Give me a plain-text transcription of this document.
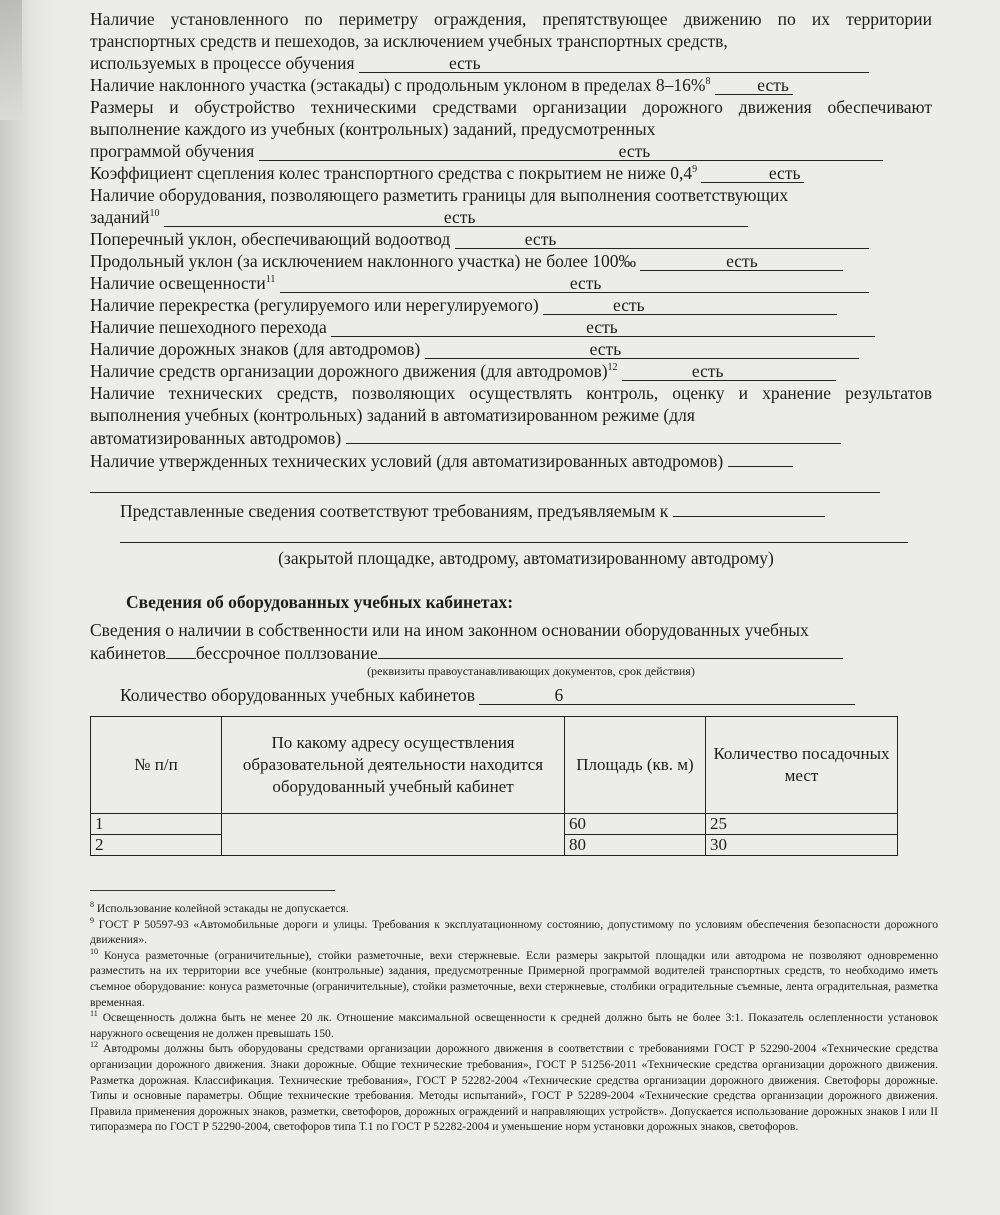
Наличие установленного по периметру ограждения, препятствующее движению по их территории транспортных средств и пешеходов, за исключением учебных транспортных средств,
используемых в процессе обучения	есть
Наличие наклонного участка (эстакады) с продольным уклоном в пределах 8–16%$^8$	есть
Размеры и обустройство техническими средствами организации дорожного движения обеспечивают выполнение каждого из учебных (контрольных) заданий, предусмотренных
программой обучения	есть
Коэффициент сцепления колес транспортного средства с покрытием не ниже $0,4^9$	есть
Наличие оборудования, позволяющего разметить границы для выполнения соответствующих
заданий$^{10}$	есть
Поперечный уклон, обеспечивающий водоотвод	есть
Продольный уклон (за исключением наклонного участка) не более 100‰	есть
Наличие освещенности$^{11}$	есть
Наличие перекрестка (регулируемого или нерегулируемого)	есть
Наличие пешеходного перехода	есть
Наличие дорожных знаков (для автодромов)	есть
Наличие средств организации дорожного движения (для автодромов)$^{12}$	есть
Наличие технических средств, позволяющих осуществлять контроль, оценку и хранение результатов выполнения учебных (контрольных) заданий в автоматизированном режиме (для
автоматизированных автодромов)
Наличие утвержденных технических условий (для автоматизированных автодромов)
Представленные сведения соответствуют требованиям, предъявляемым к
(закрытой площадке, автодрому, автоматизированному автодрому)
Сведения об оборудованных учебных кабинетах:
Сведения о наличии в собственности или на ином законном основании оборудованных учебных
кабинетов бессрочное поллзование
(реквизиты правоустанавливающих документов, срок действия)
Количество оборудованных учебных кабинетов	6
№ п/п	По какому адресу осуществления образовательной деятельности находится оборудованный учебный кабинет	Площадь (кв. м)	Количество посадочных мест
1		60	25
2		80	30

$^8$ Использование колейной эстакады не допускается.

$^9$ ГОСТ Р 50597-93 «Автомобильные дороги и улицы. Требования к эксплуатационному состоянию, допустимому по условиям обеспечения безопасности дорожного движения».

$^{10}$ Конуса разметочные (ограничительные), стойки разметочные, вехи стержневые. Если размеры закрытой площадки или автодрома не позволяют одновременно разместить на их территории все учебные (контрольные) задания, предусмотренные Примерной программой водителей транспортных средств, то необходимо иметь съемное оборудование: конуса разметочные (ограничительные), стойки разметочные, вехи стержневые, столбики оградительные съемные, лента оградительная, разметка временная.

$^{11}$ Освещенность должна быть не менее 20 лк. Отношение максимальной освещенности к средней должно быть не более 3:1. Показатель ослепленности установок наружного освещения не должен превышать 150.

$^{12}$ Автодромы должны быть оборудованы средствами организации дорожного движения в соответствии с требованиями ГОСТ Р 52290-2004 «Технические средства организации дорожного движения. Знаки дорожные. Общие технические требования», ГОСТ Р 51256-2011 «Технические средства организации дорожного движения. Разметка дорожная. Классификация. Технические требования», ГОСТ Р 52282-2004 «Технические средства организации дорожного движения. Светофоры дорожные. Типы и основные параметры. Общие технические требования. Методы испытаний», ГОСТ Р 52289-2004 «Технические средства организации дорожного движения. Правила применения дорожных знаков, разметки, светофоров, дорожных ограждений и направляющих устройств». Допускается использование дорожных знаков I или II типоразмера по ГОСТ Р 52290-2004, светофоров типа Т.1 по ГОСТ Р 52282-2004 и уменьшение норм установки дорожных знаков, светофоров.
